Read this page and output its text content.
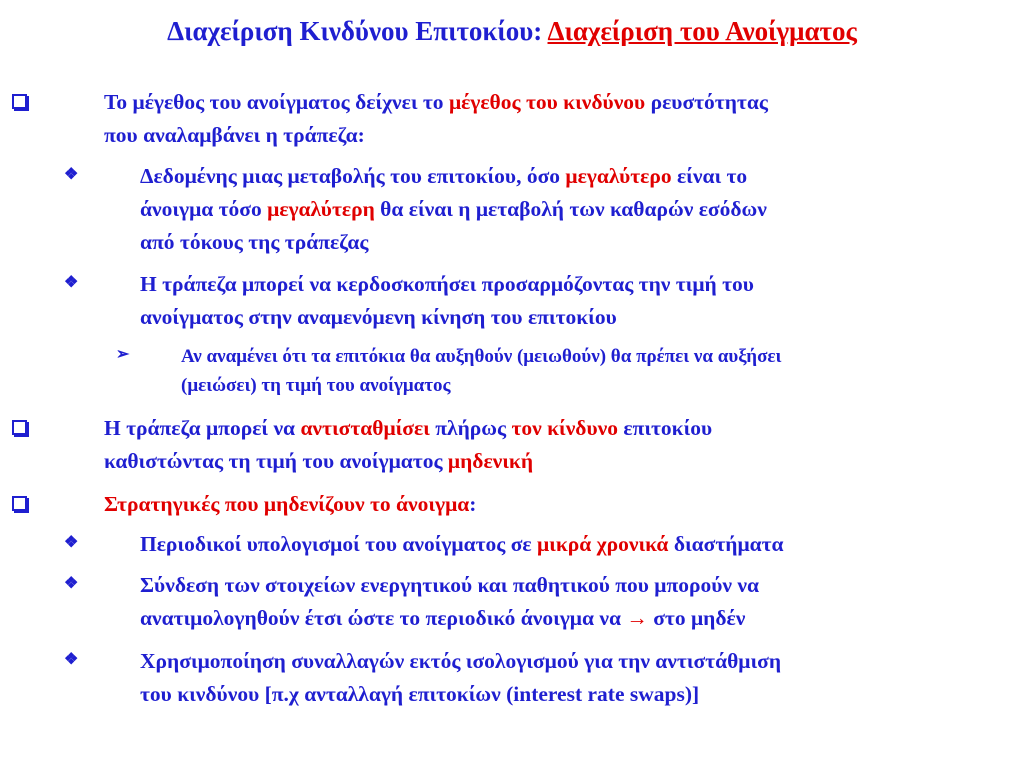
Διαχείριση Κινδύνου Επιτοκίου: Διαχείριση του Ανοίγματος
Το μέγεθος του ανοίγματος δείχνει το μέγεθος του κινδύνου ρευστότητας
που αναλαμβάνει η τράπεζα:
❖	Δεδομένης μιας μεταβολής του επιτοκίου, όσο μεγαλύτερο είναι το
άνοιγμα τόσο μεγαλύτερη θα είναι η μεταβολή των καθαρών εσόδων
από τόκους της τράπεζας
❖	Η τράπεζα μπορεί να κερδοσκοπήσει προσαρμόζοντας την τιμή του
ανοίγματος στην αναμενόμενη κίνηση του επιτοκίου
➢	Αν αναμένει ότι τα επιτόκια θα αυξηθούν (μειωθούν) θα πρέπει να αυξήσει
(μειώσει) τη τιμή του ανοίγματος
Η τράπεζα μπορεί να αντισταθμίσει πλήρως τον κίνδυνο επιτοκίου
καθιστώντας τη τιμή του ανοίγματος μηδενική
Στρατηγικές που μηδενίζουν το άνοιγμα:
❖	Περιοδικοί υπολογισμοί του ανοίγματος σε μικρά χρονικά διαστήματα
❖	Σύνδεση των στοιχείων ενεργητικού και παθητικού που μπορούν να
ανατιμολογηθούν έτσι ώστε το περιοδικό άνοιγμα να → στο μηδέν
❖	Χρησιμοποίηση συναλλαγών εκτός ισολογισμού για την αντιστάθμιση
του κινδύνου [π.χ ανταλλαγή επιτοκίων (interest rate swaps)]
